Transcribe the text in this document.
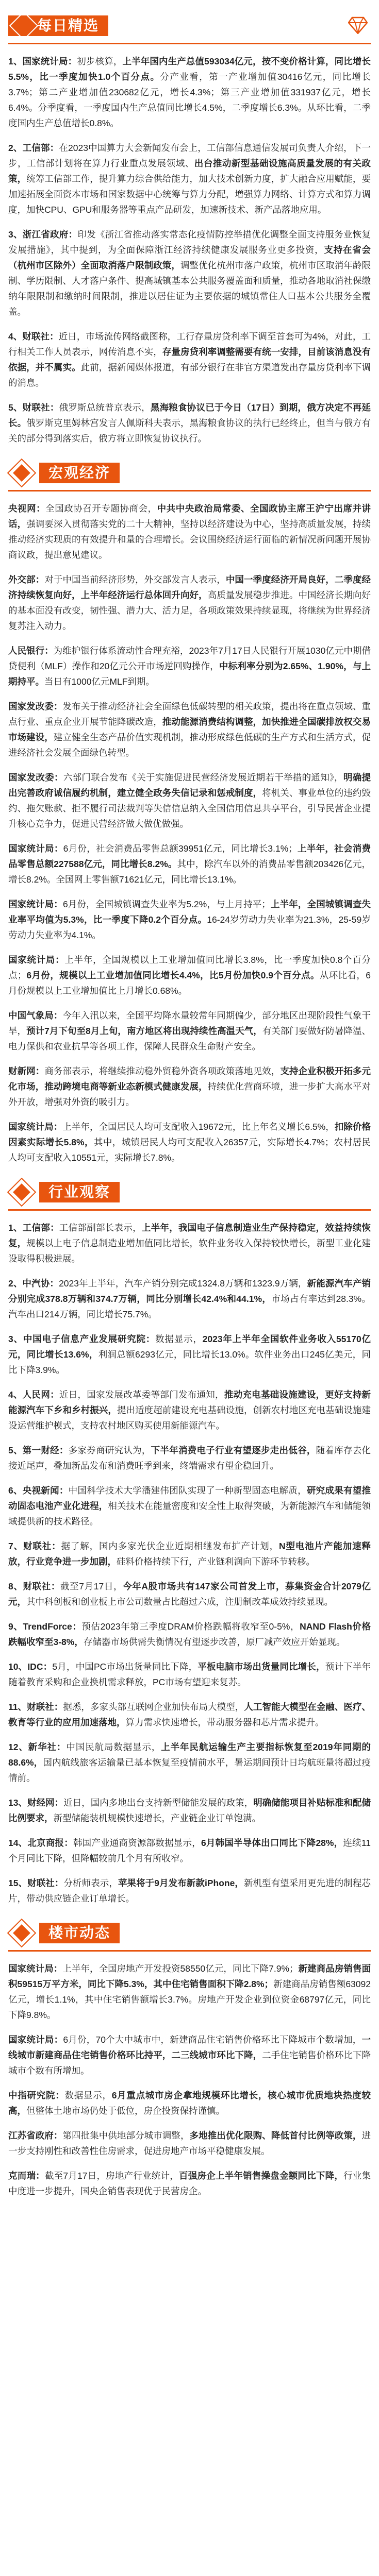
每日精选

1、国家统计局：初步核算，上半年国内生产总值593034亿元，按不变价格计算，同比增长5.5%，比一季度加快1.0个百分点。分产业看，第一产业增加值30416亿元，同比增长3.7%；第二产业增加值230682亿元，增长4.3%；第三产业增加值331937亿元，增长6.4%。分季度看，一季度国内生产总值同比增长4.5%，二季度增长6.3%。从环比看，二季度国内生产总值增长0.8%。

2、工信部：在2023中国算力大会新闻发布会上，工信部信息通信发展司负责人介绍，下一步，工信部计划将在算力行业重点发展领域、出台推动新型基础设施高质量发展的有关政策，统筹工信部工作，提升算力综合供给能力，加大技术创新力度，扩大融合应用赋能，要加速拓展全面资本市场和国家数据中心统筹与算力分配，增强算力网络、计算方式和算力调度，加快CPU、GPU和服务器等重点产品研发，加速新技术、新产品落地应用。

3、浙江省政府：印发《浙江省推动落实常态化疫情防控举措优化调整全面支持服务业恢复发展措施》，其中提到，为全面保障浙江经济持续健康发展服务业更多投资，支持在省会（杭州市区除外）全面取消落户限制政策，调整优化杭州市落户政策，杭州市区取消年龄限制、学历限制、人才落户条件、提高城镇基本公共服务覆盖面和质量，推动各地取消社保缴纳年限限制和缴纳时间限制，推进以居住证为主要依据的城镇常住人口基本公共服务全覆盖。

4、财联社：近日，市场流传网络截图称，工行存量房贷利率下调至首套可为4%，对此，工行相关工作人员表示，网传消息不实，存量房贷利率调整需要有统一安排，目前该消息没有依据，并不属实。此前，据新闻媒体报道，有部分银行在非官方渠道发出存量房贷利率下调的消息。

5、财联社：俄罗斯总统普京表示，黑海粮食协议已于今日（17日）到期，俄方决定不再延长。俄罗斯克里姆林宫发言人佩斯科夫表示，黑海粮食协议的执行已经终止，但当与俄方有关的部分得到落实后，俄方将立即恢复协议执行。

宏观经济

央视网：全国政协召开专题协商会，中共中央政治局常委、全国政协主席王沪宁出席并讲话，强调要深入贯彻落实党的二十大精神，坚持以经济建设为中心，坚持高质量发展，持续推动经济实现质的有效提升和量的合理增长。会议围绕经济运行面临的新情况新问题开展协商议政，提出意见建议。

外交部：对于中国当前经济形势，外交部发言人表示，中国一季度经济开局良好，二季度经济持续恢复向好，上半年经济运行总体回升向好，高质量发展稳步推进。中国经济长期向好的基本面没有改变，韧性强、潜力大、活力足，各项政策效果持续显现，将继续为世界经济复苏注入动力。

人民银行：为维护银行体系流动性合理充裕，2023年7月17日人民银行开展1030亿元中期借贷便利（MLF）操作和20亿元公开市场逆回购操作，中标利率分别为2.65%、1.90%，与上期持平。当日有1000亿元MLF到期。

国家发改委：发布关于推动经济社会全面绿色低碳转型的相关政策，提出将在重点领域、重点行业、重点企业开展节能降碳改造，推动能源消费结构调整，加快推进全国碳排放权交易市场建设，建立健全生态产品价值实现机制，推动形成绿色低碳的生产方式和生活方式，促进经济社会发展全面绿色转型。

国家发改委：六部门联合发布《关于实施促进民营经济发展近期若干举措的通知》，明确提出完善政府诚信履约机制，建立健全政务失信记录和惩戒制度，将机关、事业单位的违约毁约、拖欠账款、拒不履行司法裁判等失信信息纳入全国信用信息共享平台，引导民营企业提升核心竞争力，促进民营经济做大做优做强。

国家统计局：6月份，社会消费品零售总额39951亿元，同比增长3.1%；上半年，社会消费品零售总额227588亿元，同比增长8.2%。其中，除汽车以外的消费品零售额203426亿元，增长8.2%。全国网上零售额71621亿元，同比增长13.1%。

国家统计局：6月份，全国城镇调查失业率为5.2%，与上月持平；上半年，全国城镇调查失业率平均值为5.3%，比一季度下降0.2个百分点。16-24岁劳动力失业率为21.3%，25-59岁劳动力失业率为4.1%。

国家统计局：上半年，全国规模以上工业增加值同比增长3.8%，比一季度加快0.8个百分点；6月份，规模以上工业增加值同比增长4.4%，比5月份加快0.9个百分点。从环比看，6月份规模以上工业增加值比上月增长0.68%。

中国气象局：今年入汛以来，全国平均降水量较常年同期偏少，部分地区出现阶段性气象干旱，预计7月下旬至8月上旬，南方地区将出现持续性高温天气，有关部门要做好防暑降温、电力保供和农业抗旱等各项工作，保障人民群众生命财产安全。

财新网：商务部表示，将继续推动稳外贸稳外资各项政策落地见效，支持企业积极开拓多元化市场，推动跨境电商等新业态新模式健康发展，持续优化营商环境，进一步扩大高水平对外开放，增强对外资的吸引力。

国家统计局：上半年，全国居民人均可支配收入19672元，比上年名义增长6.5%，扣除价格因素实际增长5.8%，其中，城镇居民人均可支配收入26357元，实际增长4.7%；农村居民人均可支配收入10551元，实际增长7.8%。

行业观察

1、工信部：工信部副部长表示，上半年，我国电子信息制造业生产保持稳定，效益持续恢复，规模以上电子信息制造业增加值同比增长，软件业务收入保持较快增长，新型工业化建设取得积极进展。

2、中汽协：2023年上半年，汽车产销分别完成1324.8万辆和1323.9万辆，新能源汽车产销分别完成378.8万辆和374.7万辆，同比分别增长42.4%和44.1%，市场占有率达到28.3%。汽车出口214万辆，同比增长75.7%。

3、中国电子信息产业发展研究院：数据显示，2023年上半年全国软件业务收入55170亿元，同比增长13.6%，利润总额6293亿元，同比增长13.0%。软件业务出口245亿美元，同比下降3.9%。

4、人民网：近日，国家发展改革委等部门发布通知，推动充电基础设施建设，更好支持新能源汽车下乡和乡村振兴，提出适度超前建设充电基础设施，创新农村地区充电基础设施建设运营维护模式，支持农村地区购买使用新能源汽车。

5、第一财经：多家券商研究认为，下半年消费电子行业有望逐步走出低谷，随着库存去化接近尾声，叠加新品发布和消费旺季到来，终端需求有望企稳回升。

6、央视新闻：中国科学技术大学潘建伟团队实现了一种新型固态电解质，研究成果有望推动固态电池产业化进程，相关技术在能量密度和安全性上取得突破，为新能源汽车和储能领域提供新的技术路径。

7、财联社：据了解，国内多家光伏企业近期相继发布扩产计划，N型电池片产能加速释放，行业竞争进一步加剧，硅料价格持续下行，产业链利润向下游环节转移。

8、财联社：截至7月17日，今年A股市场共有147家公司首发上市，募集资金合计2079亿元，其中科创板和创业板上市公司数量占比超过六成，注册制改革成效持续显现。

9、TrendForce：预估2023年第三季度DRAM价格跌幅将收窄至0-5%，NAND Flash价格跌幅收窄至3-8%，存储器市场供需失衡情况有望逐步改善，原厂减产效应开始显现。

10、IDC：5月，中国PC市场出货量同比下降，平板电脑市场出货量同比增长，预计下半年随着教育采购和企业换机需求释放，PC市场有望迎来复苏。

11、财联社：据悉，多家头部互联网企业加快布局大模型，人工智能大模型在金融、医疗、教育等行业的应用加速落地，算力需求快速增长，带动服务器和芯片需求提升。

12、新华社：中国民航局数据显示，上半年民航运输生产主要指标恢复至2019年同期的88.6%，国内航线旅客运输量已基本恢复至疫情前水平，暑运期间预计日均航班量将超过疫情前。

13、财经网：近日，国内多地出台支持新型储能发展的政策，明确储能项目补贴标准和配储比例要求，新型储能装机规模快速增长，产业链企业订单饱满。

14、北京商报：韩国产业通商资源部数据显示，6月韩国半导体出口同比下降28%，连续11个月同比下降，但降幅较前几个月有所收窄。

15、财联社：分析师表示，苹果将于9月发布新款iPhone，新机型有望采用更先进的制程芯片，带动供应链企业订单增长。

楼市动态

国家统计局：上半年，全国房地产开发投资58550亿元，同比下降7.9%；新建商品房销售面积59515万平方米，同比下降5.3%，其中住宅销售面积下降2.8%；新建商品房销售额63092亿元，增长1.1%，其中住宅销售额增长3.7%。房地产开发企业到位资金68797亿元，同比下降9.8%。

国家统计局：6月份，70个大中城市中，新建商品住宅销售价格环比下降城市个数增加，一线城市新建商品住宅销售价格环比持平，二三线城市环比下降，二手住宅销售价格环比下降城市个数有所增加。

中指研究院：数据显示，6月重点城市房企拿地规模环比增长，核心城市优质地块热度较高，但整体土地市场仍处于低位，房企投资保持谨慎。

江苏省政府：第四批集中供地部分城市调整，多地推出优化限购、降低首付比例等政策，进一步支持刚性和改善性住房需求，促进房地产市场平稳健康发展。

克而瑞：截至7月17日，房地产行业统计，百强房企上半年销售操盘金额同比下降，行业集中度进一步提升，国央企销售表现优于民营房企。
